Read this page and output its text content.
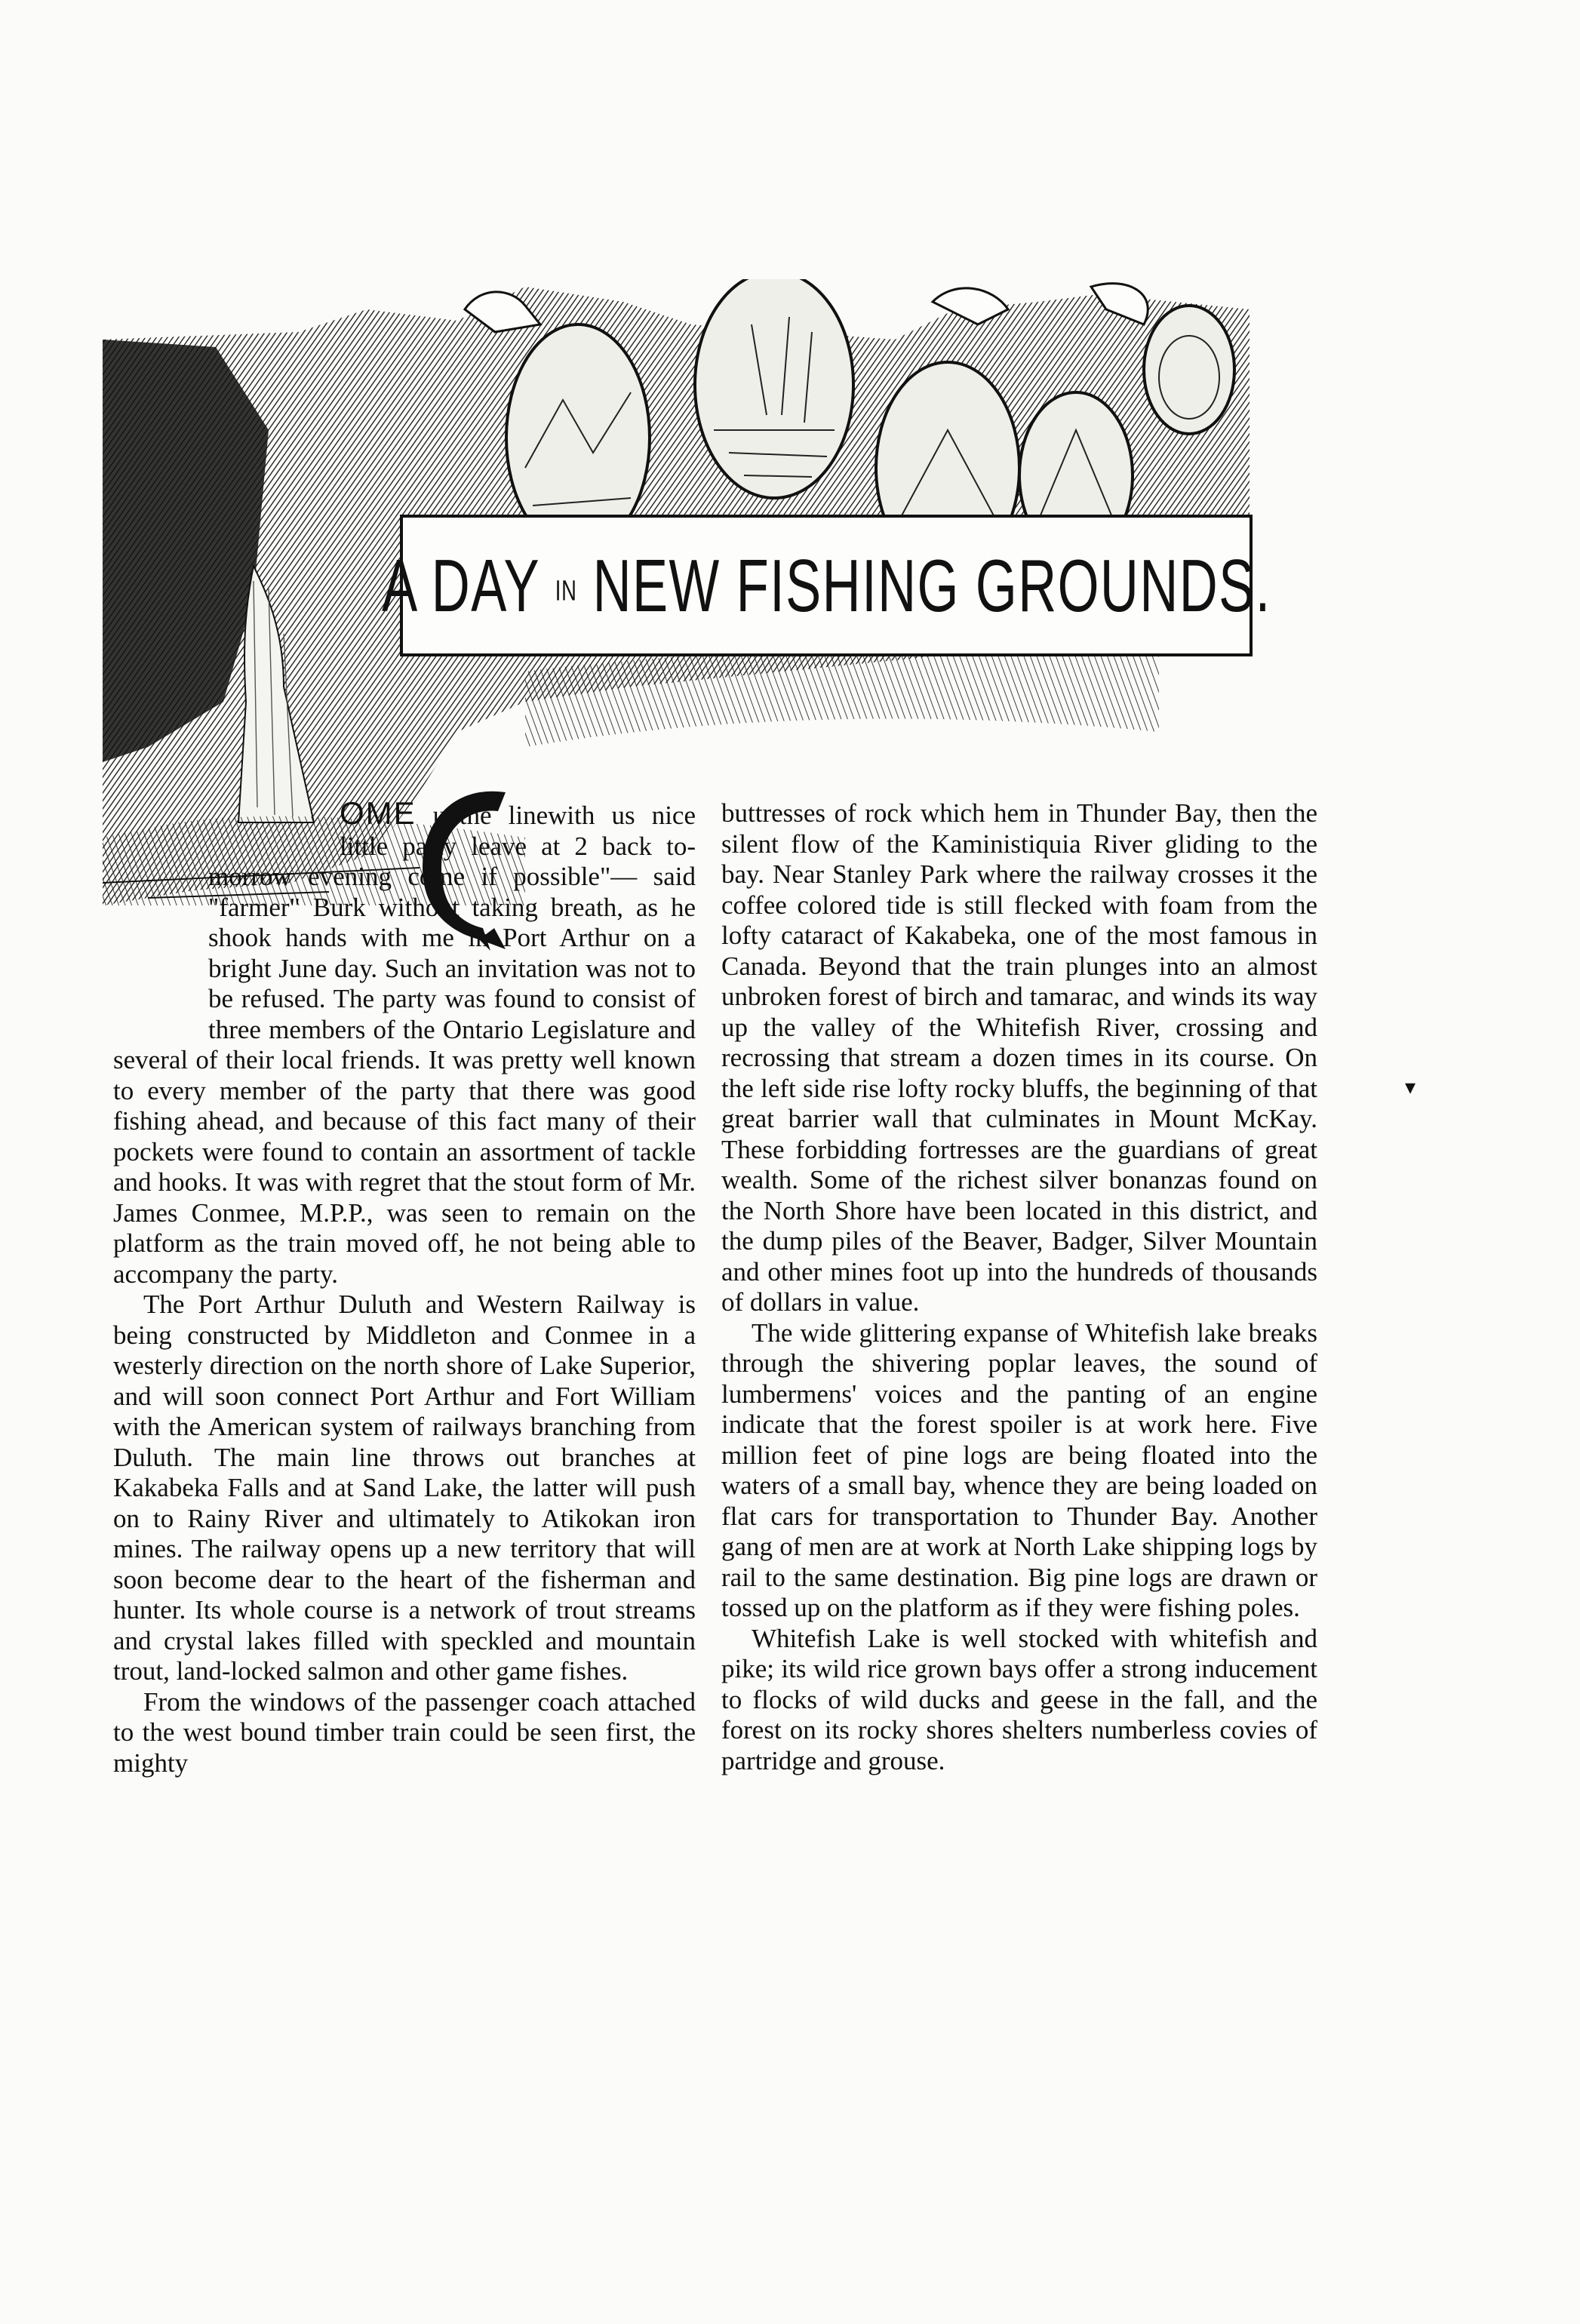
A DAY IN NEW FISHING GROUNDS.

OME upthe linewith us nice little party leave at 2 back to-morrow evening come if possible"— said "farmer" Burk without taking breath, as he shook hands with me in Port Arthur on a bright June day. Such an invitation was not to be refused. The party was found to consist of three members of the Ontario Legislature and several of their local friends. It was pretty well known to every member of the party that there was good fishing ahead, and because of this fact many of their pockets were found to contain an assortment of tackle and hooks. It was with regret that the stout form of Mr. James Conmee, M.P.P., was seen to remain on the platform as the train moved off, he not being able to accompany the party.

The Port Arthur Duluth and Western Railway is being constructed by Middleton and Conmee in a westerly direction on the north shore of Lake Superior, and will soon connect Port Arthur and Fort William with the American system of railways branching from Duluth. The main line throws out branches at Kakabeka Falls and at Sand Lake, the latter will push on to Rainy River and ultimately to Atikokan iron mines. The railway opens up a new territory that will soon become dear to the heart of the fisherman and hunter. Its whole course is a network of trout streams and crystal lakes filled with speckled and mountain trout, land-locked salmon and other game fishes.

From the windows of the passenger coach attached to the west bound timber train could be seen first, the mighty

buttresses of rock which hem in Thunder Bay, then the silent flow of the Kaministiquia River gliding to the bay. Near Stanley Park where the railway crosses it the coffee colored tide is still flecked with foam from the lofty cataract of Kakabeka, one of the most famous in Canada. Beyond that the train plunges into an almost unbroken forest of birch and tamarac, and winds its way up the valley of the Whitefish River, crossing and recrossing that stream a dozen times in its course. On the left side rise lofty rocky bluffs, the beginning of that great barrier wall that culminates in Mount McKay. These forbidding fortresses are the guardians of great wealth. Some of the richest silver bonanzas found on the North Shore have been located in this district, and the dump piles of the Beaver, Badger, Silver Mountain and other mines foot up into the hundreds of thousands of dollars in value.

The wide glittering expanse of Whitefish lake breaks through the shivering poplar leaves, the sound of lumbermens' voices and the panting of an engine indicate that the forest spoiler is at work here. Five million feet of pine logs are being floated into the waters of a small bay, whence they are being loaded on flat cars for transportation to Thunder Bay. Another gang of men are at work at North Lake shipping logs by rail to the same destination. Big pine logs are drawn or tossed up on the platform as if they were fishing poles.

Whitefish Lake is well stocked with whitefish and pike; its wild rice grown bays offer a strong inducement to flocks of wild ducks and geese in the fall, and the forest on its rocky shores shelters numberless covies of partridge and grouse.

▾
